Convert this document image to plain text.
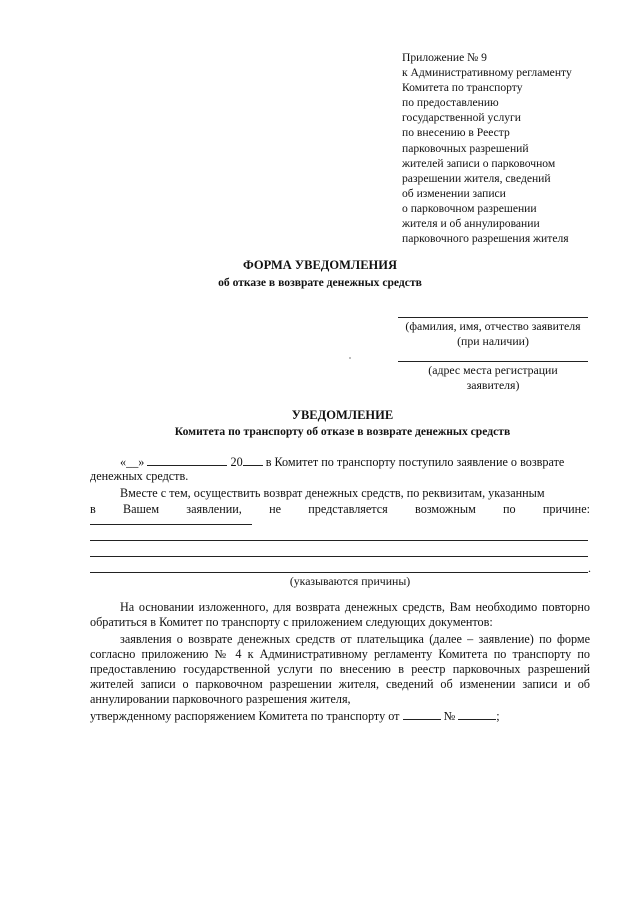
Приложение № 9
к Административному регламенту
Комитета по транспорту
по предоставлению
государственной услуги
по внесению в Реестр
парковочных разрешений
жителей записи о парковочном
разрешении жителя, сведений
об изменении записи
о парковочном разрешении
жителя и об аннулировании
парковочного разрешения жителя
ФОРМА УВЕДОМЛЕНИЯ
об отказе в возврате денежных средств
(фамилия, имя, отчество заявителя
(при наличии)
(адрес места регистрации
заявителя)
УВЕДОМЛЕНИЕ
Комитета по транспорту об отказе в возврате денежных средств
«__»	20 в Комитет по транспорту поступило заявление о возврате
денежных средств.
Вместе с тем, осуществить возврат денежных средств, по реквизитам, указанным
в Вашем заявлении, не представляется возможным по причине:
.
(указываются причины)
На основании изложенного, для возврата денежных средств, Вам необходимо повторно обратиться в Комитет по транспорту с приложением следующих документов:
заявления о возврате денежных средств от плательщика (далее – заявление) по форме согласно приложению № 4 к Административному регламенту Комитета по транспорту по предоставлению государственной услуги по внесению в реестр парковочных разрешений жителей записи о парковочном разрешении жителя, сведений об изменении записи и об аннулировании парковочного разрешения жителя,
утвержденному распоряжением Комитета по транспорту от	№	;
